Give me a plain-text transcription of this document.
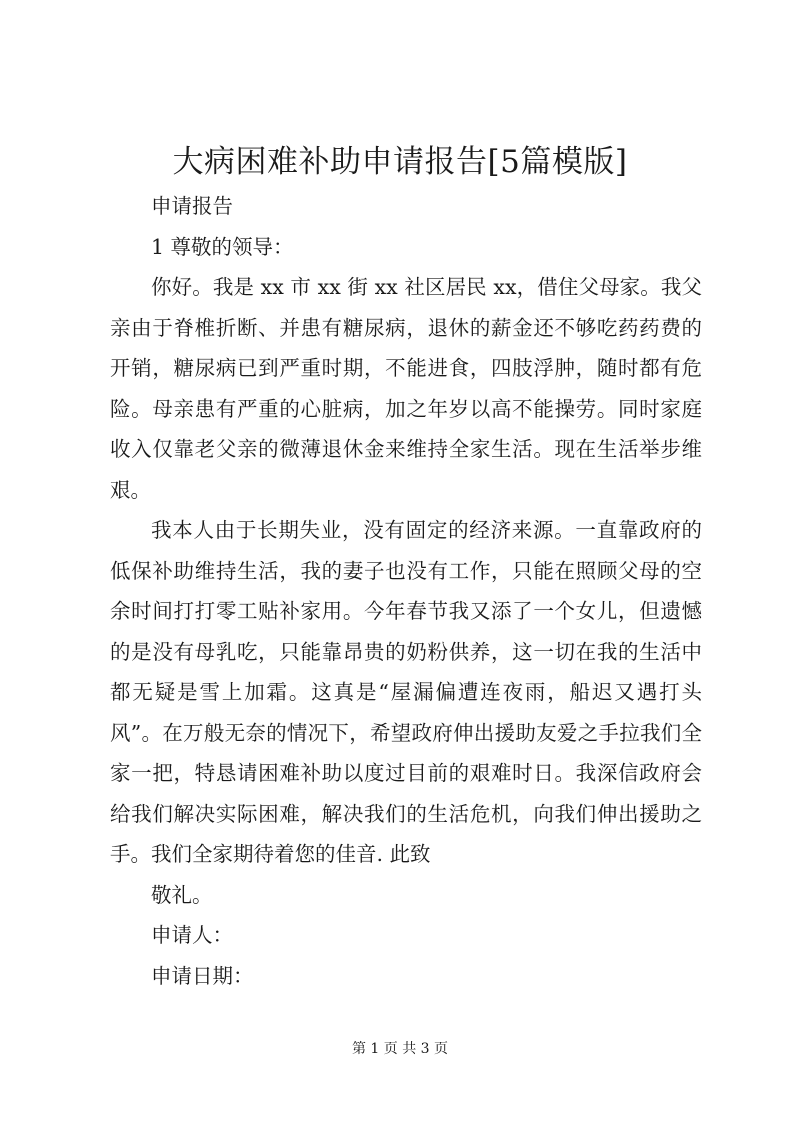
大病困难补助申请报告[5篇模版]

申请报告

1 尊敬的领导：

你好。我是 xx 市 xx 街 xx 社区居民 xx，借住父母家。我父亲由于脊椎折断、并患有糖尿病，退休的薪金还不够吃药药费的开销，糖尿病已到严重时期，不能进食，四肢浮肿，随时都有危险。母亲患有严重的心脏病，加之年岁以高不能操劳。同时家庭收入仅靠老父亲的微薄退休金来维持全家生活。现在生活举步维艰。

我本人由于长期失业，没有固定的经济来源。一直靠政府的低保补助维持生活，我的妻子也没有工作，只能在照顾父母的空余时间打打零工贴补家用。今年春节我又添了一个女儿，但遗憾的是没有母乳吃，只能靠昂贵的奶粉供养，这一切在我的生活中都无疑是雪上加霜。这真是“屋漏偏遭连夜雨，船迟又遇打头风”。在万般无奈的情况下，希望政府伸出援助友爱之手拉我们全家一把，特恳请困难补助以度过目前的艰难时日。我深信政府会给我们解决实际困难，解决我们的生活危机，向我们伸出援助之手。我们全家期待着您的佳音. 此致

敬礼。

申请人：

申请日期：

第 1 页 共 3 页
